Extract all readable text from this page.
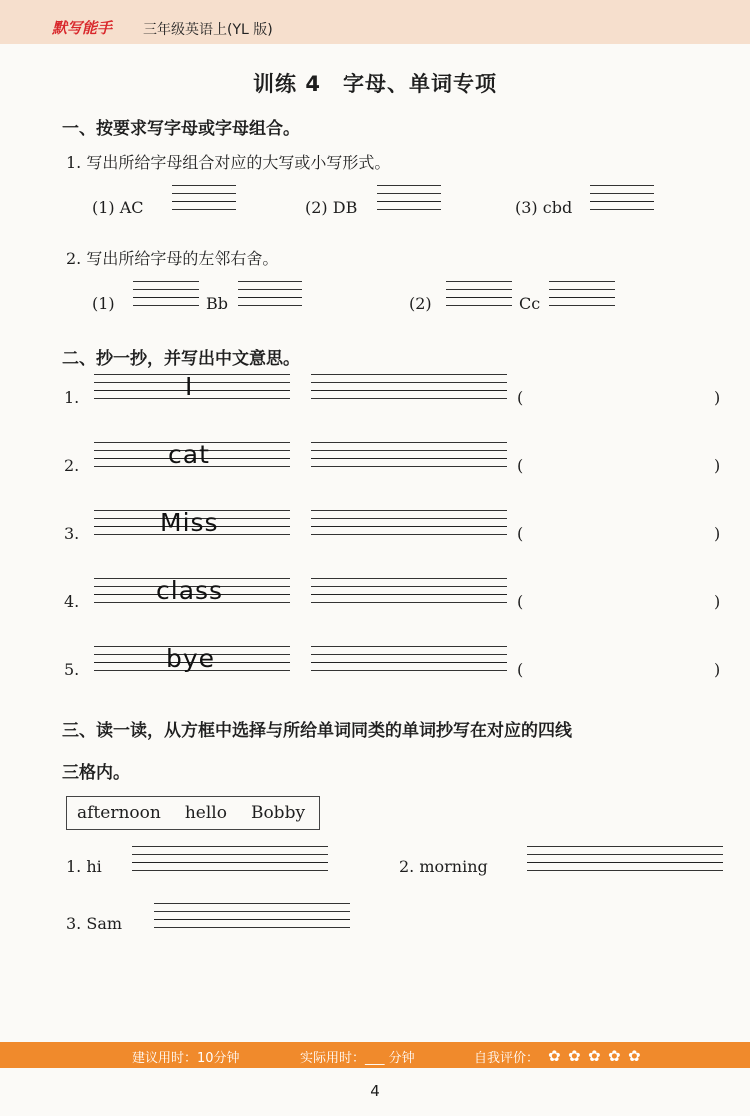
默写能手 三年级英语上(YL 版)
训练 4　字母、单词专项
一、按要求写字母或字母组合。
1. 写出所给字母组合对应的大写或小写形式。
(1) AC	(2) DB	(3) cbd
2. 写出所给字母的左邻右舍。
(1)	Bb	(2)	Cc
二、抄一抄，并写出中文意思。
1.	I	(	)
2.	cat	(	)
3.	Miss	(	)
4.	class	(	)
5.	bye	(	)
三、读一读，从方框中选择与所给单词同类的单词抄写在对应的四线
三格内。
afternoon hello Bobby
1. hi	2. morning
3. Sam
建议用时：10分钟	实际用时：___ 分钟	自我评价： ✿ ✿ ✿ ✿ ✿
4
